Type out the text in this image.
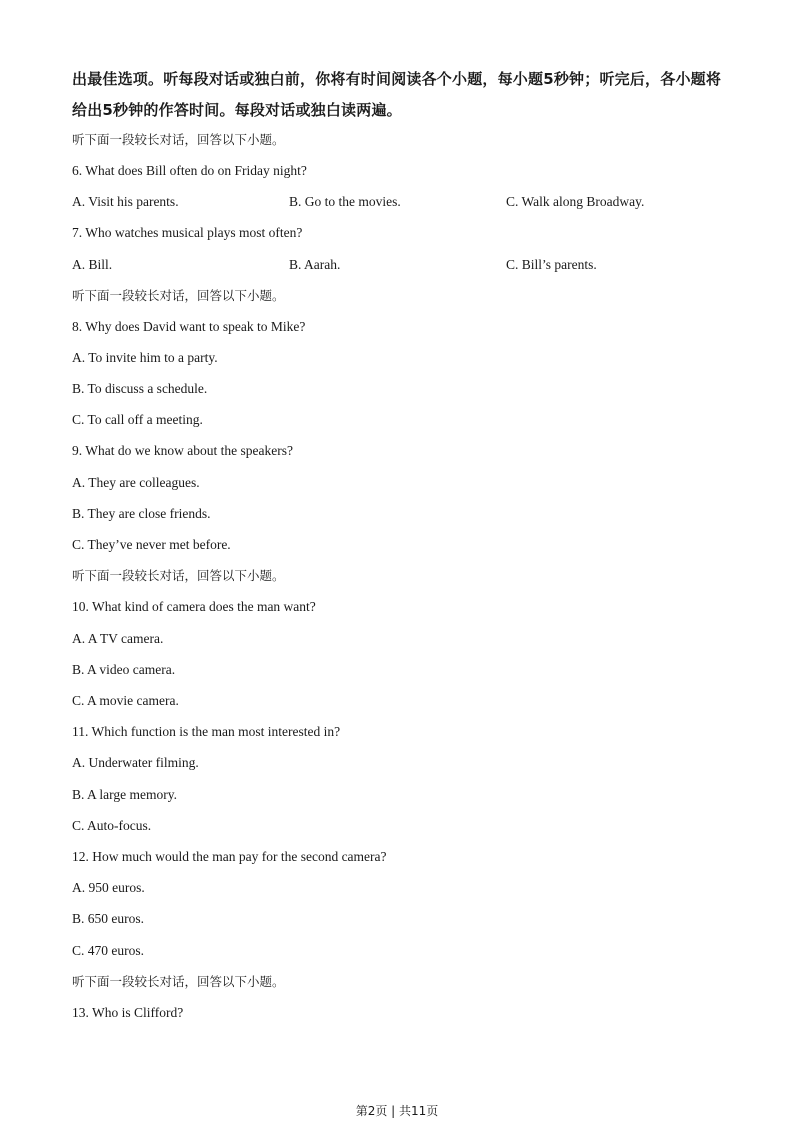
出最佳选项。听每段对话或独白前，你将有时间阅读各个小题，每小题5秒钟；听完后，各小题将给出5秒钟的作答时间。每段对话或独白读两遍。
听下面一段较长对话，回答以下小题。
6. What does Bill often do on Friday night?
A. Visit his parents.	B. Go to the movies.	C. Walk along Broadway.
7. Who watches musical plays most often?
A. Bill.	B. Aarah.	C. Bill’s parents.
听下面一段较长对话，回答以下小题。
8. Why does David want to speak to Mike?
A. To invite him to a party.
B. To discuss a schedule.
C. To call off a meeting.
9. What do we know about the speakers?
A. They are colleagues.
B. They are close friends.
C. They’ve never met before.
听下面一段较长对话，回答以下小题。
10. What kind of camera does the man want?
A. A TV camera.
B. A video camera.
C. A movie camera.
11. Which function is the man most interested in?
A. Underwater filming.
B. A large memory.
C. Auto-focus.
12. How much would the man pay for the second camera?
A. 950 euros.
B. 650 euros.
C. 470 euros.
听下面一段较长对话，回答以下小题。
13. Who is Clifford?
第2页 | 共11页
